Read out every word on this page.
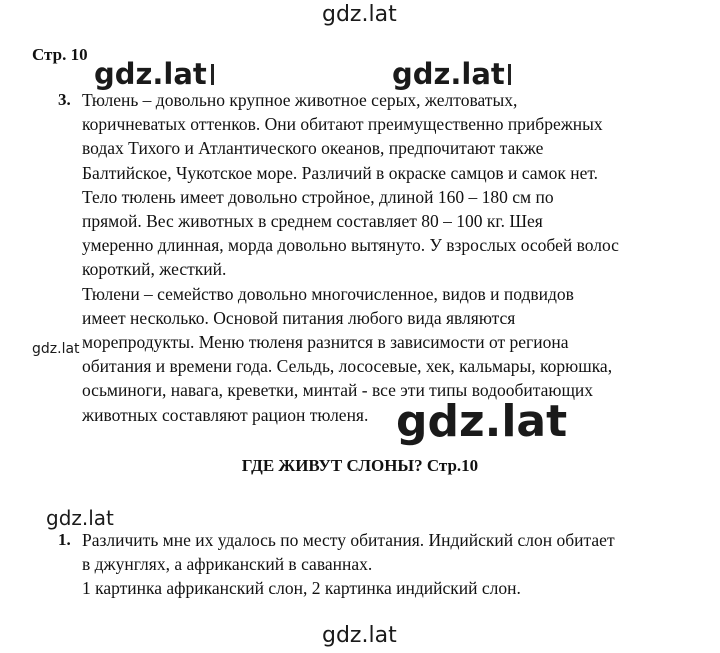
gdz.lat
Стр. 10
3. Тюлень – довольно крупное животное серых, желтоватых,
коричневатых оттенков. Они обитают преимущественно прибрежных
водах Тихого и Атлантического океанов, предпочитают также
Балтийское, Чукотское море. Различий в окраске самцов и самок нет.
Тело тюлень имеет довольно стройное, длиной 160 – 180 см по
прямой. Вес животных в среднем составляет 80 – 100 кг. Шея
умеренно длинная, морда довольно вытянуто. У взрослых особей волос
короткий, жесткий.
Тюлени – семейство довольно многочисленное, видов и подвидов
имеет несколько. Основой питания любого вида являются
морепродукты. Меню тюленя разнится в зависимости от региона
обитания и времени года. Сельдь, лососевые, хек, кальмары, корюшка,
осьминоги, навага, креветки, минтай - все эти типы водообитающих
животных составляют рацион тюленя.
ГДЕ ЖИВУТ СЛОНЫ? Стр.10
1. Различить мне их удалось по месту обитания. Индийский слон обитает
в джунглях, а африканский в саваннах.
1 картинка африканский слон, 2 картинка индийский слон.
gdz.lat	gdz.lat
gdz.lat
gdz.lat
gdz.lat
gdz.lat
